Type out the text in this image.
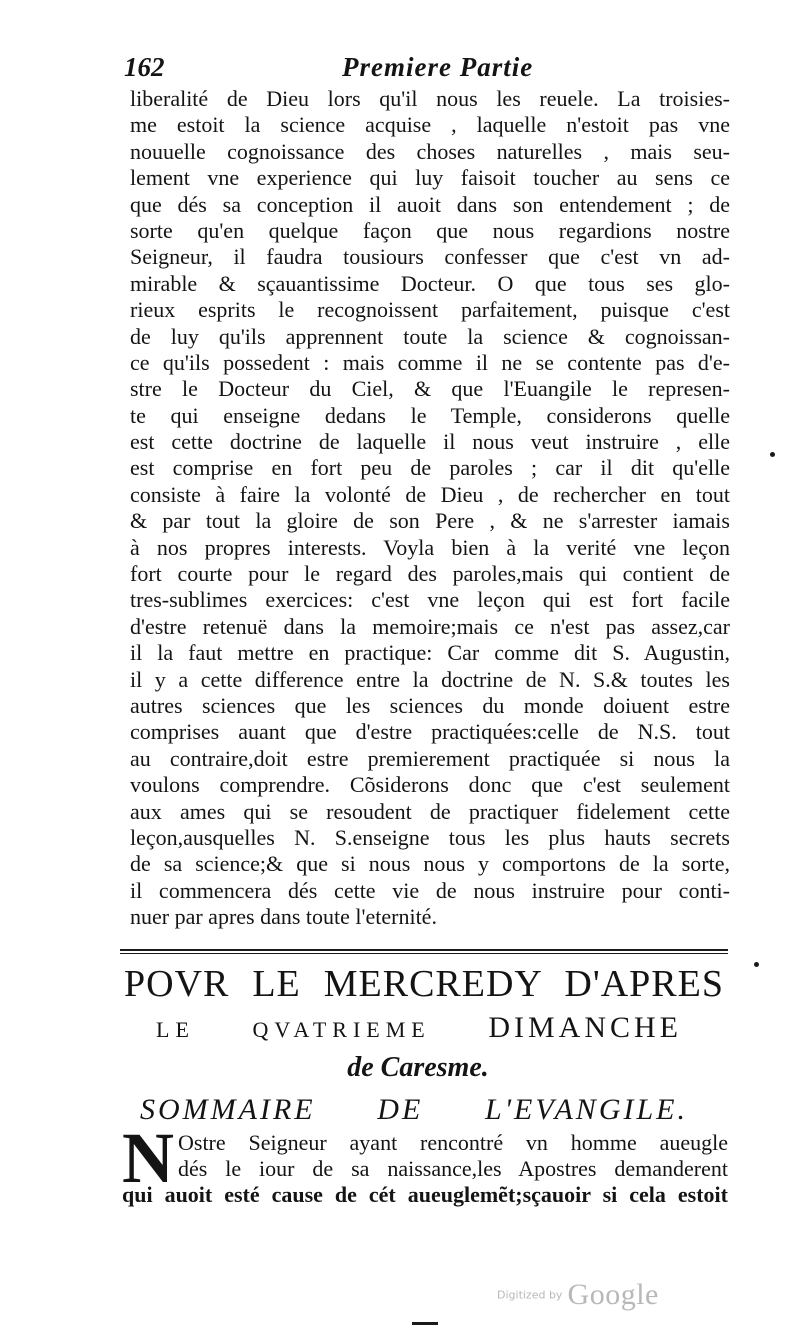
162	Premiere Partie
liberalité de Dieu lors qu'il nous les reuele. La troisies-
me estoit la science acquise , laquelle n'estoit pas vne
nouuelle cognoissance des choses naturelles , mais seu-
lement vne experience qui luy faisoit toucher au sens ce
que dés sa conception il auoit dans son entendement ; de
sorte qu'en quelque façon que nous regardions nostre
Seigneur, il faudra tousiours confesser que c'est vn ad-
mirable & sçauantissime Docteur. O que tous ses glo-
rieux esprits le recognoissent parfaitement, puisque c'est
de luy qu'ils apprennent toute la science & cognoissan-
ce qu'ils possedent : mais comme il ne se contente pas d'e-
stre le Docteur du Ciel, & que l'Euangile le represen-
te qui enseigne dedans le Temple, considerons quelle
est cette doctrine de laquelle il nous veut instruire , elle
est comprise en fort peu de paroles ; car il dit qu'elle
consiste à faire la volonté de Dieu , de rechercher en tout
& par tout la gloire de son Pere , & ne s'arrester iamais
à nos propres interests. Voyla bien à la verité vne leçon
fort courte pour le regard des paroles,mais qui contient de
tres-sublimes exercices: c'est vne leçon qui est fort facile
d'estre retenuë dans la memoire;mais ce n'est pas assez,car
il la faut mettre en practique: Car comme dit S. Augustin,
il y a cette difference entre la doctrine de N. S.& toutes les
autres sciences que les sciences du monde doiuent estre
comprises auant que d'estre practiquées:celle de N.S. tout
au contraire,doit estre premierement practiquée si nous la
voulons comprendre. Cõsiderons donc que c'est seulement
aux ames qui se resoudent de practiquer fidelement cette
leçon,ausquelles N. S.enseigne tous les plus hauts secrets
de sa science;& que si nous nous y comportons de la sorte,
il commencera dés cette vie de nous instruire pour conti-
nuer par apres dans toute l'eternité.
POVR LE MERCREDY D'APRES
LE QVATRIEME DIMANCHE
de Caresme.
SOMMAIRE DE L'EVANGILE.
N Ostre Seigneur ayant rencontré vn homme aueugle
dés le iour de sa naissance,les Apostres demanderent
qui auoit esté cause de cét aueuglemẽt;sçauoir si cela estoit
Digitized by Google
